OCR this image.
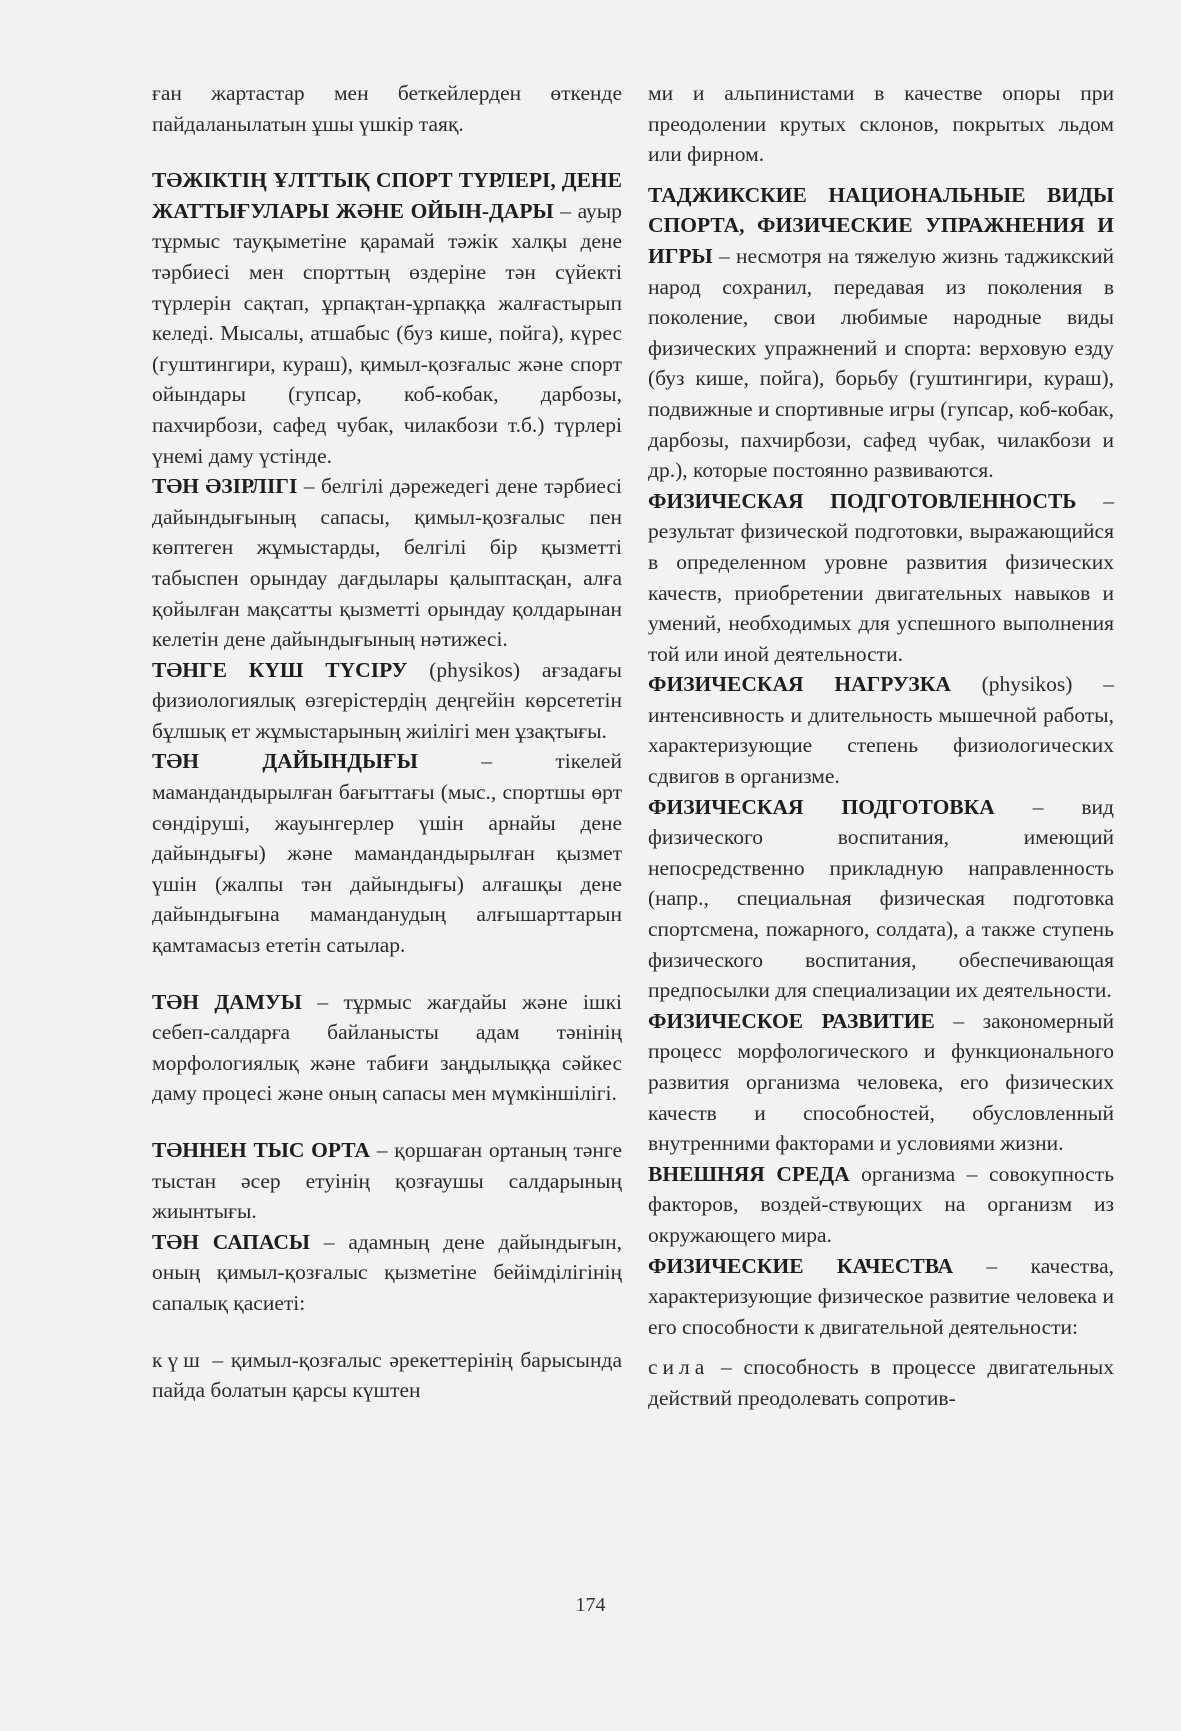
ған жартастар мен беткейлерден өткенде пайдаланылатын ұшы үшкір таяқ.

ТӘЖІКТІҢ ҰЛТТЫҚ СПОРТ ТҮРЛЕРІ, ДЕНЕ ЖАТТЫҒУЛАРЫ ЖӘНЕ ОЙЫН-ДАРЫ – ауыр тұрмыс тауқыметіне қарамай тәжік халқы дене тәрбиесі мен спорттың өздеріне тән сүйекті түрлерін сақтап, ұрпақтан-ұрпаққа жалғастырып келеді. Мысалы, атшабыс (буз кише, пойга), күрес (гуштингири, кураш), қимыл-қозғалыс және спорт ойындары (гупсар, коб-кобак, дарбозы, пахчирбози, сафед чубак, чилакбози т.б.) түрлері үнемі даму үстінде.

ТӘН ӘЗІРЛІГІ – белгілі дәрежедегі дене тәрбиесі дайындығының сапасы, қимыл-қозғалыс пен көптеген жұмыстарды, белгілі бір қызметті табыспен орындау дағдылары қалыптасқан, алға қойылған мақсатты қызметті орындау қолдарынан келетін дене дайындығының нәтижесі.

ТӘНГЕ КҮШ ТҮСІРУ (physikos) ағзадағы физиологиялық өзгерістердің деңгейін көрсететін бұлшық ет жұмыстарының жиілігі мен ұзақтығы.

ТӘН ДАЙЫНДЫҒЫ – тікелей мамандандырылған бағыттағы (мыс., спортшы өрт сөндіруші, жауынгерлер үшін арнайы дене дайындығы) және мамандандырылған қызмет үшін (жалпы тән дайындығы) алғашқы дене дайындығына маманданудың алғышарттарын қамтамасыз ететін сатылар.

ТӘН ДАМУЫ – тұрмыс жағдайы және ішкі себеп-салдарға байланысты адам тәнінің морфологиялық және табиғи заңдылыққа сәйкес даму процесі және оның сапасы мен мүмкіншілігі.

ТӘННЕН ТЫС ОРТА – қоршаған ортаның тәнге тыстан әсер етуінің қозғаушы салдарының жиынтығы.

ТӘН САПАСЫ – адамның дене дайындығын, оның қимыл-қозғалыс қызметіне бейімділігінің сапалық қасиеті:

күш – қимыл-қозғалыс әрекеттерінің барысында пайда болатын қарсы күштен

ми и альпинистами в качестве опоры при преодолении крутых склонов, покрытых льдом или фирном.

ТАДЖИКСКИЕ НАЦИОНАЛЬНЫЕ ВИДЫ СПОРТА, ФИЗИЧЕСКИЕ УПРАЖНЕНИЯ И ИГРЫ – несмотря на тяжелую жизнь таджикский народ сохранил, передавая из поколения в поколение, свои любимые народные виды физических упражнений и спорта: верховую езду (буз кише, пойга), борьбу (гуштингири, кураш), подвижные и спортивные игры (гупсар, коб-кобак, дарбозы, пахчирбози, сафед чубак, чилакбози и др.), которые постоянно развиваются.

ФИЗИЧЕСКАЯ ПОДГОТОВЛЕННОСТЬ – результат физической подготовки, выражающийся в определенном уровне развития физических качеств, приобретении двигательных навыков и умений, необходимых для успешного выполнения той или иной деятельности.

ФИЗИЧЕСКАЯ НАГРУЗКА (physikos) – интенсивность и длительность мышечной работы, характеризующие степень физиологических сдвигов в организме.

ФИЗИЧЕСКАЯ ПОДГОТОВКА – вид физического воспитания, имеющий непосредственно прикладную направленность (напр., специальная физическая подготовка спортсмена, пожарного, солдата), а также ступень физического воспитания, обеспечивающая предпосылки для специализации их деятельности.

ФИЗИЧЕСКОЕ РАЗВИТИЕ – закономерный процесс морфологического и функционального развития организма человека, его физических качеств и способностей, обусловленный внутренними факторами и условиями жизни.

ВНЕШНЯЯ СРЕДА организма – совокупность факторов, воздей-ствующих на организм из окружающего мира.

ФИЗИЧЕСКИЕ КАЧЕСТВА – качества, характеризующие физическое развитие человека и его способности к двигательной деятельности:

сила – способность в процессе двигательных действий преодолевать сопротив-

174
